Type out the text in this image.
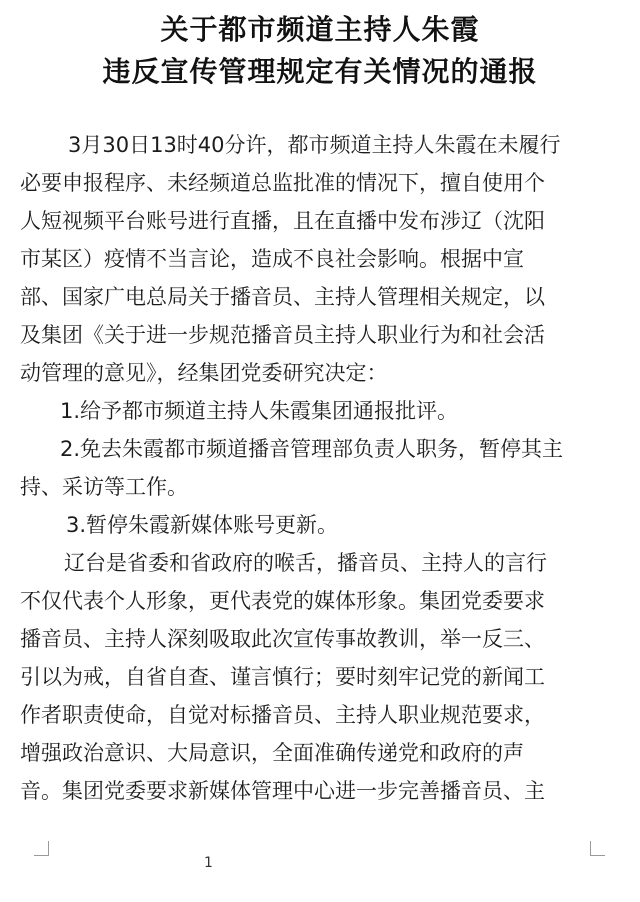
关于都市频道主持人朱霞
违反宣传管理规定有关情况的通报
3月30日13时40分许，都市频道主持人朱霞在未履行
必要申报程序、未经频道总监批准的情况下，擅自使用个
人短视频平台账号进行直播，且在直播中发布涉辽（沈阳
市某区）疫情不当言论，造成不良社会影响。根据中宣
部、国家广电总局关于播音员、主持人管理相关规定，以
及集团《关于进一步规范播音员主持人职业行为和社会活
动管理的意见》，经集团党委研究决定：
1.给予都市频道主持人朱霞集团通报批评。
2.免去朱霞都市频道播音管理部负责人职务，暂停其主
持、采访等工作。
3.暂停朱霞新媒体账号更新。
辽台是省委和省政府的喉舌，播音员、主持人的言行
不仅代表个人形象，更代表党的媒体形象。集团党委要求
播音员、主持人深刻吸取此次宣传事故教训，举一反三、
引以为戒，自省自查、谨言慎行；要时刻牢记党的新闻工
作者职责使命，自觉对标播音员、主持人职业规范要求，
增强政治意识、大局意识，全面准确传递党和政府的声
音。集团党委要求新媒体管理中心进一步完善播音员、主
1
